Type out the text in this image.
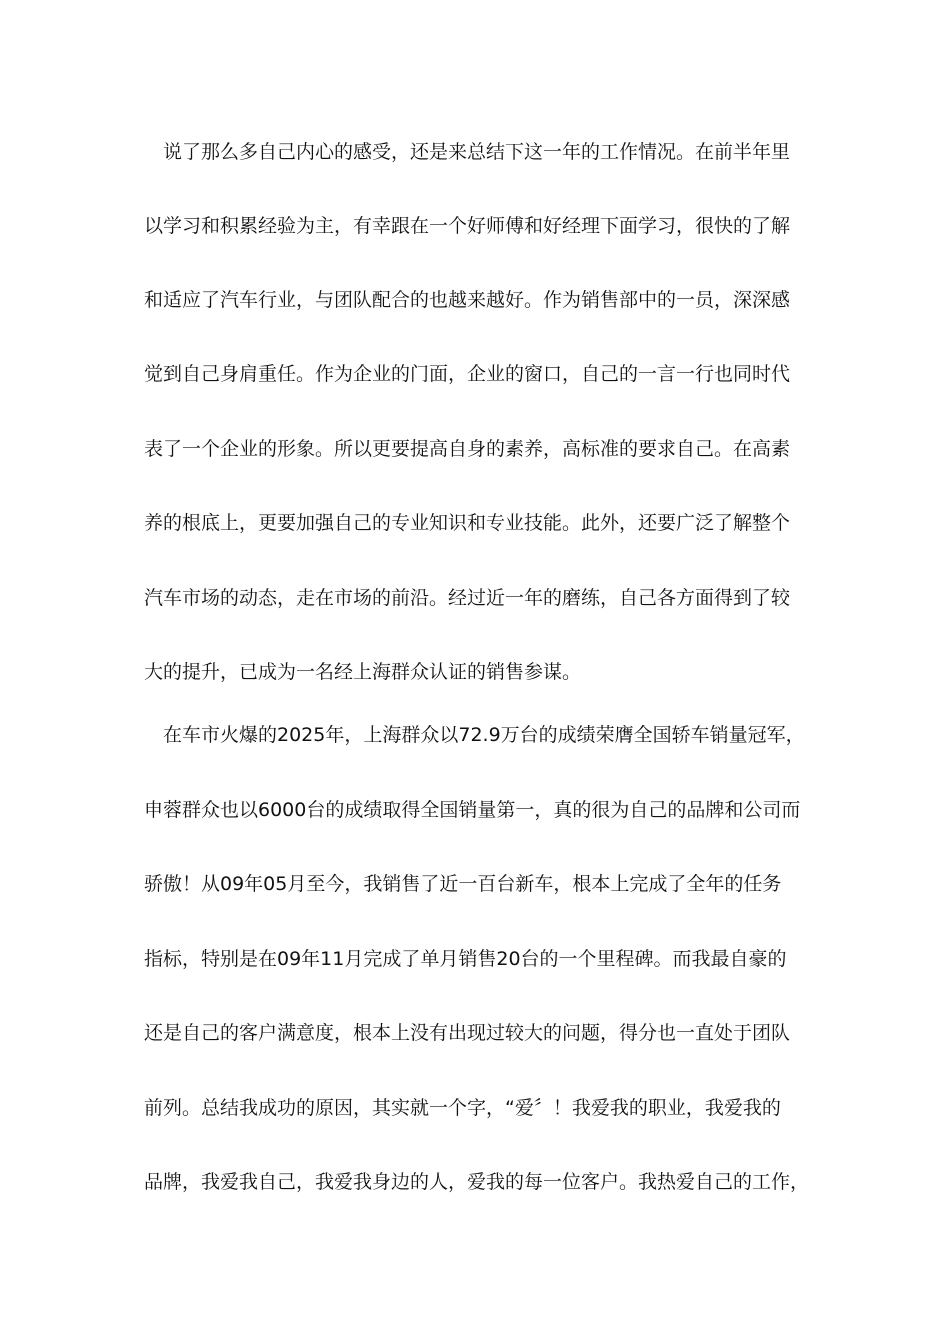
说了那么多自己内心的感受，还是来总结下这一年的工作情况。在前半年里
以学习和积累经验为主，有幸跟在一个好师傅和好经理下面学习，很快的了解
和适应了汽车行业，与团队配合的也越来越好。作为销售部中的一员，深深感
觉到自己身肩重任。作为企业的门面，企业的窗口，自己的一言一行也同时代
表了一个企业的形象。所以更要提高自身的素养，高标准的要求自己。在高素
养的根底上，更要加强自己的专业知识和专业技能。此外，还要广泛了解整个
汽车市场的动态，走在市场的前沿。经过近一年的磨练，自己各方面得到了较
大的提升，已成为一名经上海群众认证的销售参谋。
在车市火爆的2025年，上海群众以72.9万台的成绩荣膺全国轿车销量冠军，
申蓉群众也以6000台的成绩取得全国销量第一，真的很为自己的品牌和公司而
骄傲！从09年05月至今，我销售了近一百台新车，根本上完成了全年的任务
指标，特别是在09年11月完成了单月销售20台的一个里程碑。而我最自豪的
还是自己的客户满意度，根本上没有出现过较大的问题，得分也一直处于团队
前列。总结我成功的原因，其实就一个字，“爱〞！我爱我的职业，我爱我的
品牌，我爱我自己，我爱我身边的人，爱我的每一位客户。我热爱自己的工作，
